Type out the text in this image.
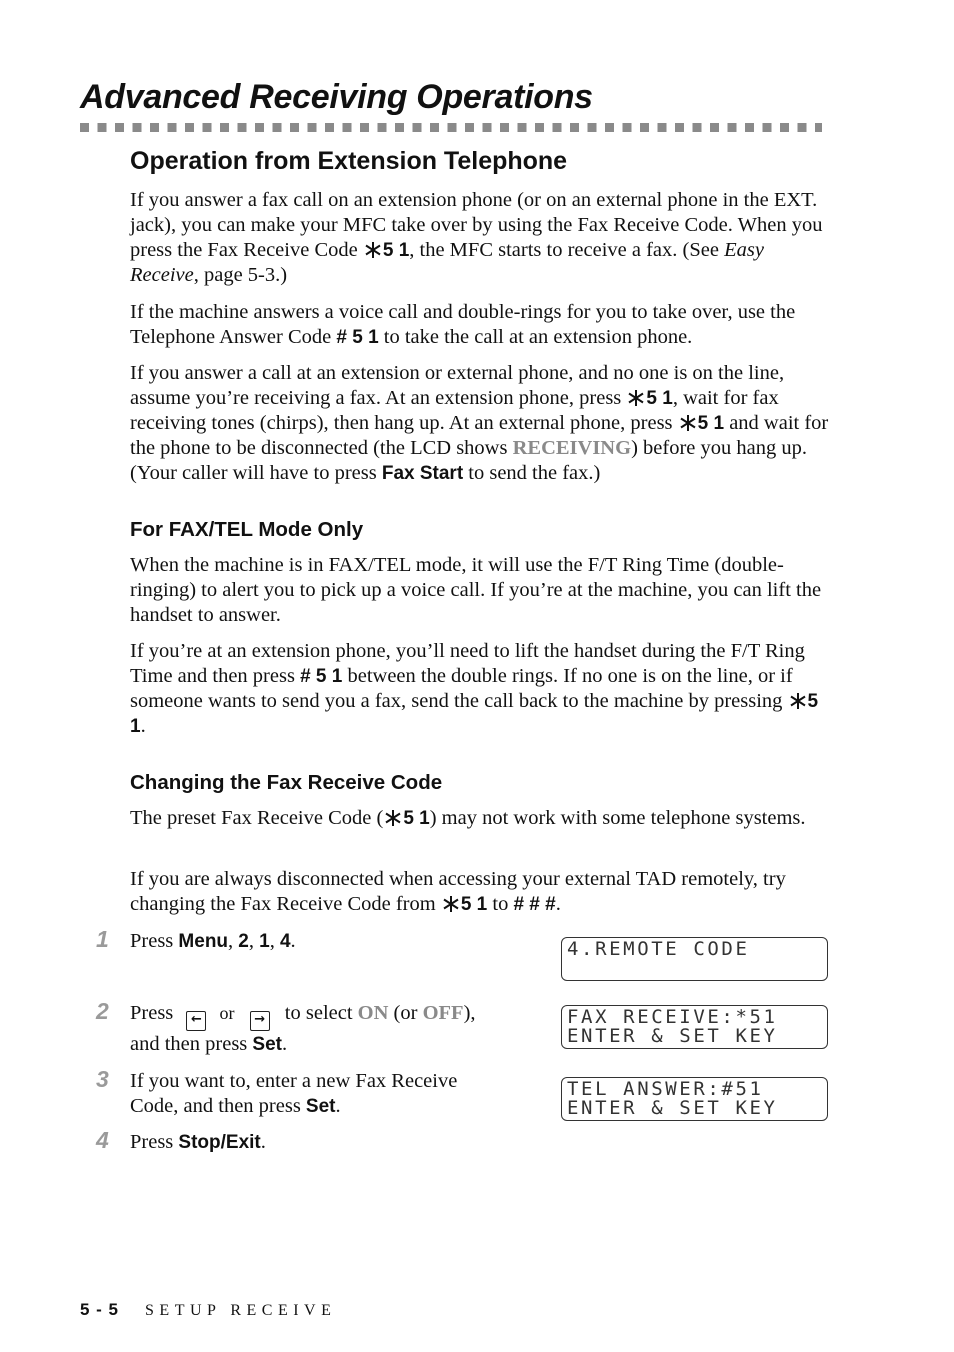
Advanced Receiving Operations
Operation from Extension Telephone
If you answer a fax call on an extension phone (or on an external phone in the EXT. jack), you can make your MFC take over by using the Fax Receive Code. When you press the Fax Receive Code 5 1, the MFC starts to receive a fax. (See Easy Receive, page 5-3.)
If the machine answers a voice call and double-rings for you to take over, use the Telephone Answer Code # 5 1 to take the call at an extension phone.
If you answer a call at an extension or external phone, and no one is on the line, assume you’re receiving a fax. At an extension phone, press 5 1, wait for fax receiving tones (chirps), then hang up. At an external phone, press 5 1 and wait for the phone to be disconnected (the LCD shows RECEIVING) before you hang up. (Your caller will have to press Fax Start to send the fax.)
For FAX/TEL Mode Only
When the machine is in FAX/TEL mode, it will use the F/T Ring Time (double-ringing) to alert you to pick up a voice call. If you’re at the machine, you can lift the handset to answer.
If you’re at an extension phone, you’ll need to lift the handset during the F/T Ring Time and then press # 5 1 between the double rings. If no one is on the line, or if someone wants to send you a fax, send the call back to the machine by pressing 5 1.
Changing the Fax Receive Code
The preset Fax Receive Code ( 5 1) may not work with some telephone systems.
If you are always disconnected when accessing your external TAD remotely, try changing the Fax Receive Code from 5 1 to # # #.
1 Press Menu, 2, 1, 4.
2 Press ← or → to select ON (or OFF),
and then press Set.
3 If you want to, enter a new Fax Receive Code, and then press Set.
4 Press Stop/Exit.
4.REMOTE CODE
FAX RECEIVE:*51
ENTER & SET KEY
TEL ANSWER:#51
ENTER & SET KEY
5 - 5 SETUP RECEIVE
